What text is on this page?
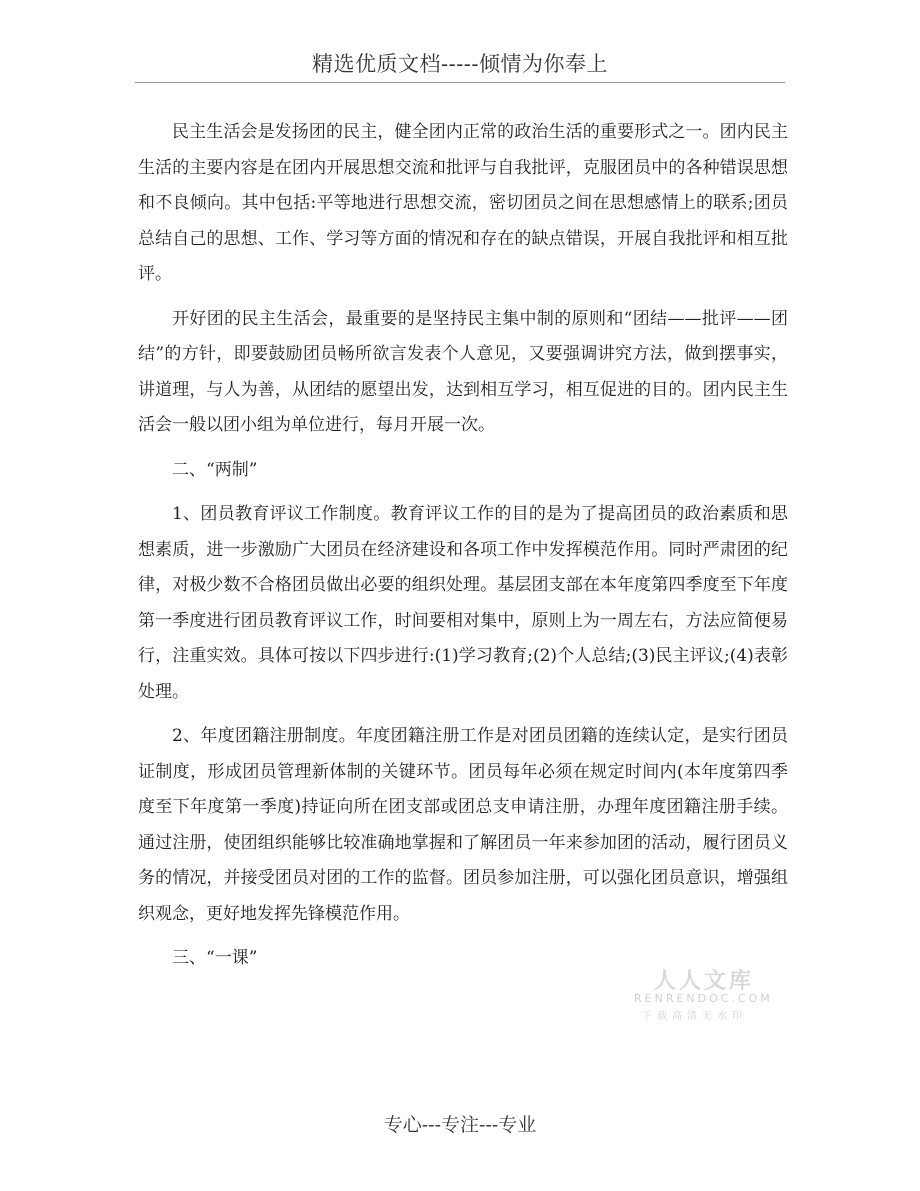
精选优质文档-----倾情为你奉上

民主生活会是发扬团的民主，健全团内正常的政治生活的重要形式之一。团内民主生活的主要内容是在团内开展思想交流和批评与自我批评，克服团员中的各种错误思想和不良倾向。其中包括:平等地进行思想交流，密切团员之间在思想感情上的联系;团员总结自己的思想、工作、学习等方面的情况和存在的缺点错误，开展自我批评和相互批评。

开好团的民主生活会，最重要的是坚持民主集中制的原则和“团结——批评——团结”的方针，即要鼓励团员畅所欲言发表个人意见，又要强调讲究方法，做到摆事实，讲道理，与人为善，从团结的愿望出发，达到相互学习，相互促进的目的。团内民主生活会一般以团小组为单位进行，每月开展一次。

二、“两制”

1、团员教育评议工作制度。教育评议工作的目的是为了提高团员的政治素质和思想素质，进一步激励广大团员在经济建设和各项工作中发挥模范作用。同时严肃团的纪律，对极少数不合格团员做出必要的组织处理。基层团支部在本年度第四季度至下年度第一季度进行团员教育评议工作，时间要相对集中，原则上为一周左右，方法应简便易行，注重实效。具体可按以下四步进行:(1)学习教育;(2)个人总结;(3)民主评议;(4)表彰处理。

2、年度团籍注册制度。年度团籍注册工作是对团员团籍的连续认定，是实行团员证制度，形成团员管理新体制的关键环节。团员每年必须在规定时间内(本年度第四季度至下年度第一季度)持证向所在团支部或团总支申请注册，办理年度团籍注册手续。通过注册，使团组织能够比较准确地掌握和了解团员一年来参加团的活动，履行团员义务的情况，并接受团员对团的工作的监督。团员参加注册，可以强化团员意识，增强组织观念，更好地发挥先锋模范作用。

三、“一课”

人人文库
RENRENDOC.COM
下载高清无水印
专心---专注---专业
